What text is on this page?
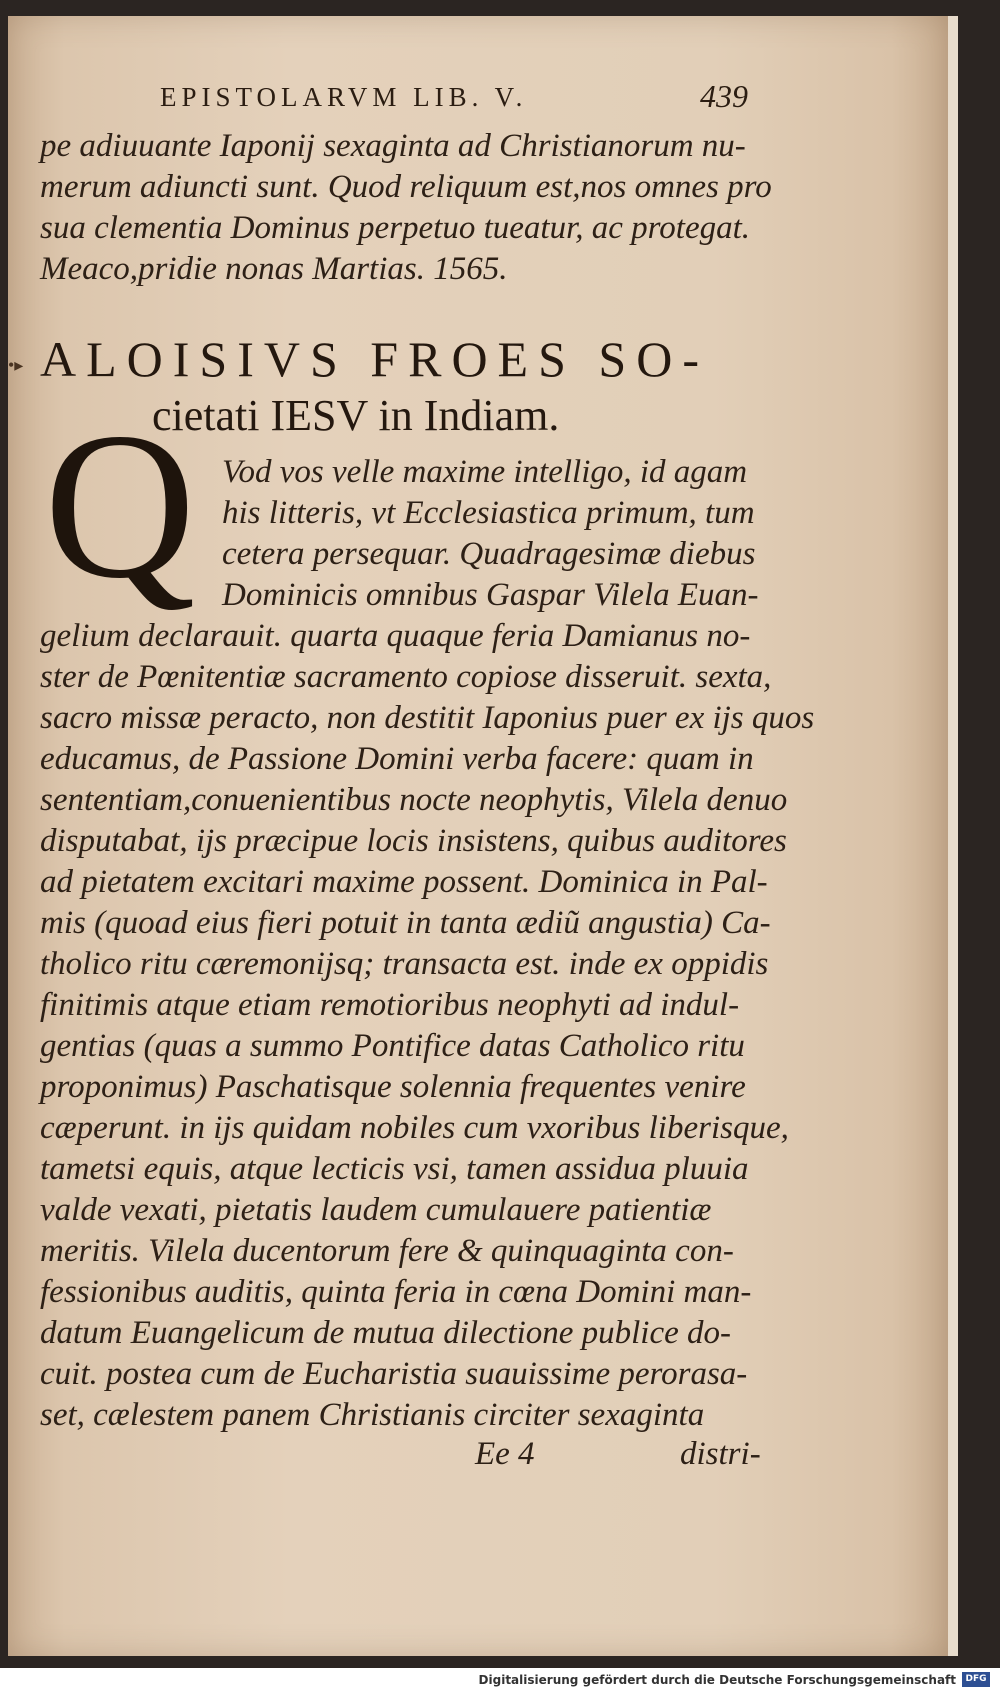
EPISTOLARVM LIB. V.	439
pe adiuuante Iaponij sexaginta ad Christianorum nu-
merum adiuncti sunt. Quod reliquum est,nos omnes pro
sua clementia Dominus perpetuo tueatur, ac protegat.
Meaco,pridie nonas Martias. 1565.
•▸ ALOISIVS FROES SO-
cietati IESV in Indiam.
Q Vod vos velle maxime intelligo, id agam
his litteris, vt Ecclesiastica primum, tum
cetera persequar. Quadragesimæ diebus
Dominicis omnibus Gaspar Vilela Euan-
gelium declarauit. quarta quaque feria Damianus no-
ster de Pœnitentiæ sacramento copiose disseruit. sexta,
sacro missæ peracto, non destitit Iaponius puer ex ijs quos
educamus, de Passione Domini verba facere: quam in
sententiam,conuenientibus nocte neophytis, Vilela denuo
disputabat, ijs præcipue locis insistens, quibus auditores
ad pietatem excitari maxime possent. Dominica in Pal-
mis (quoad eius fieri potuit in tanta ædiũ angustia) Ca-
tholico ritu cæremonijsq; transacta est. inde ex oppidis
finitimis atque etiam remotioribus neophyti ad indul-
gentias (quas a summo Pontifice datas Catholico ritu
proponimus) Paschatisque solennia frequentes venire
cæperunt. in ijs quidam nobiles cum vxoribus liberisque,
tametsi equis, atque lecticis vsi, tamen assidua pluuia
valde vexati, pietatis laudem cumulauere patientiæ
meritis. Vilela ducentorum fere & quinquaginta con-
fessionibus auditis, quinta feria in cœna Domini man-
datum Euangelicum de mutua dilectione publice do-
cuit. postea cum de Eucharistia suauissime perorasa-
set, cælestem panem Christianis circiter sexaginta
Ee 4	distri-
Digitalisierung gefördert durch die Deutsche Forschungsgemeinschaft	DFG
